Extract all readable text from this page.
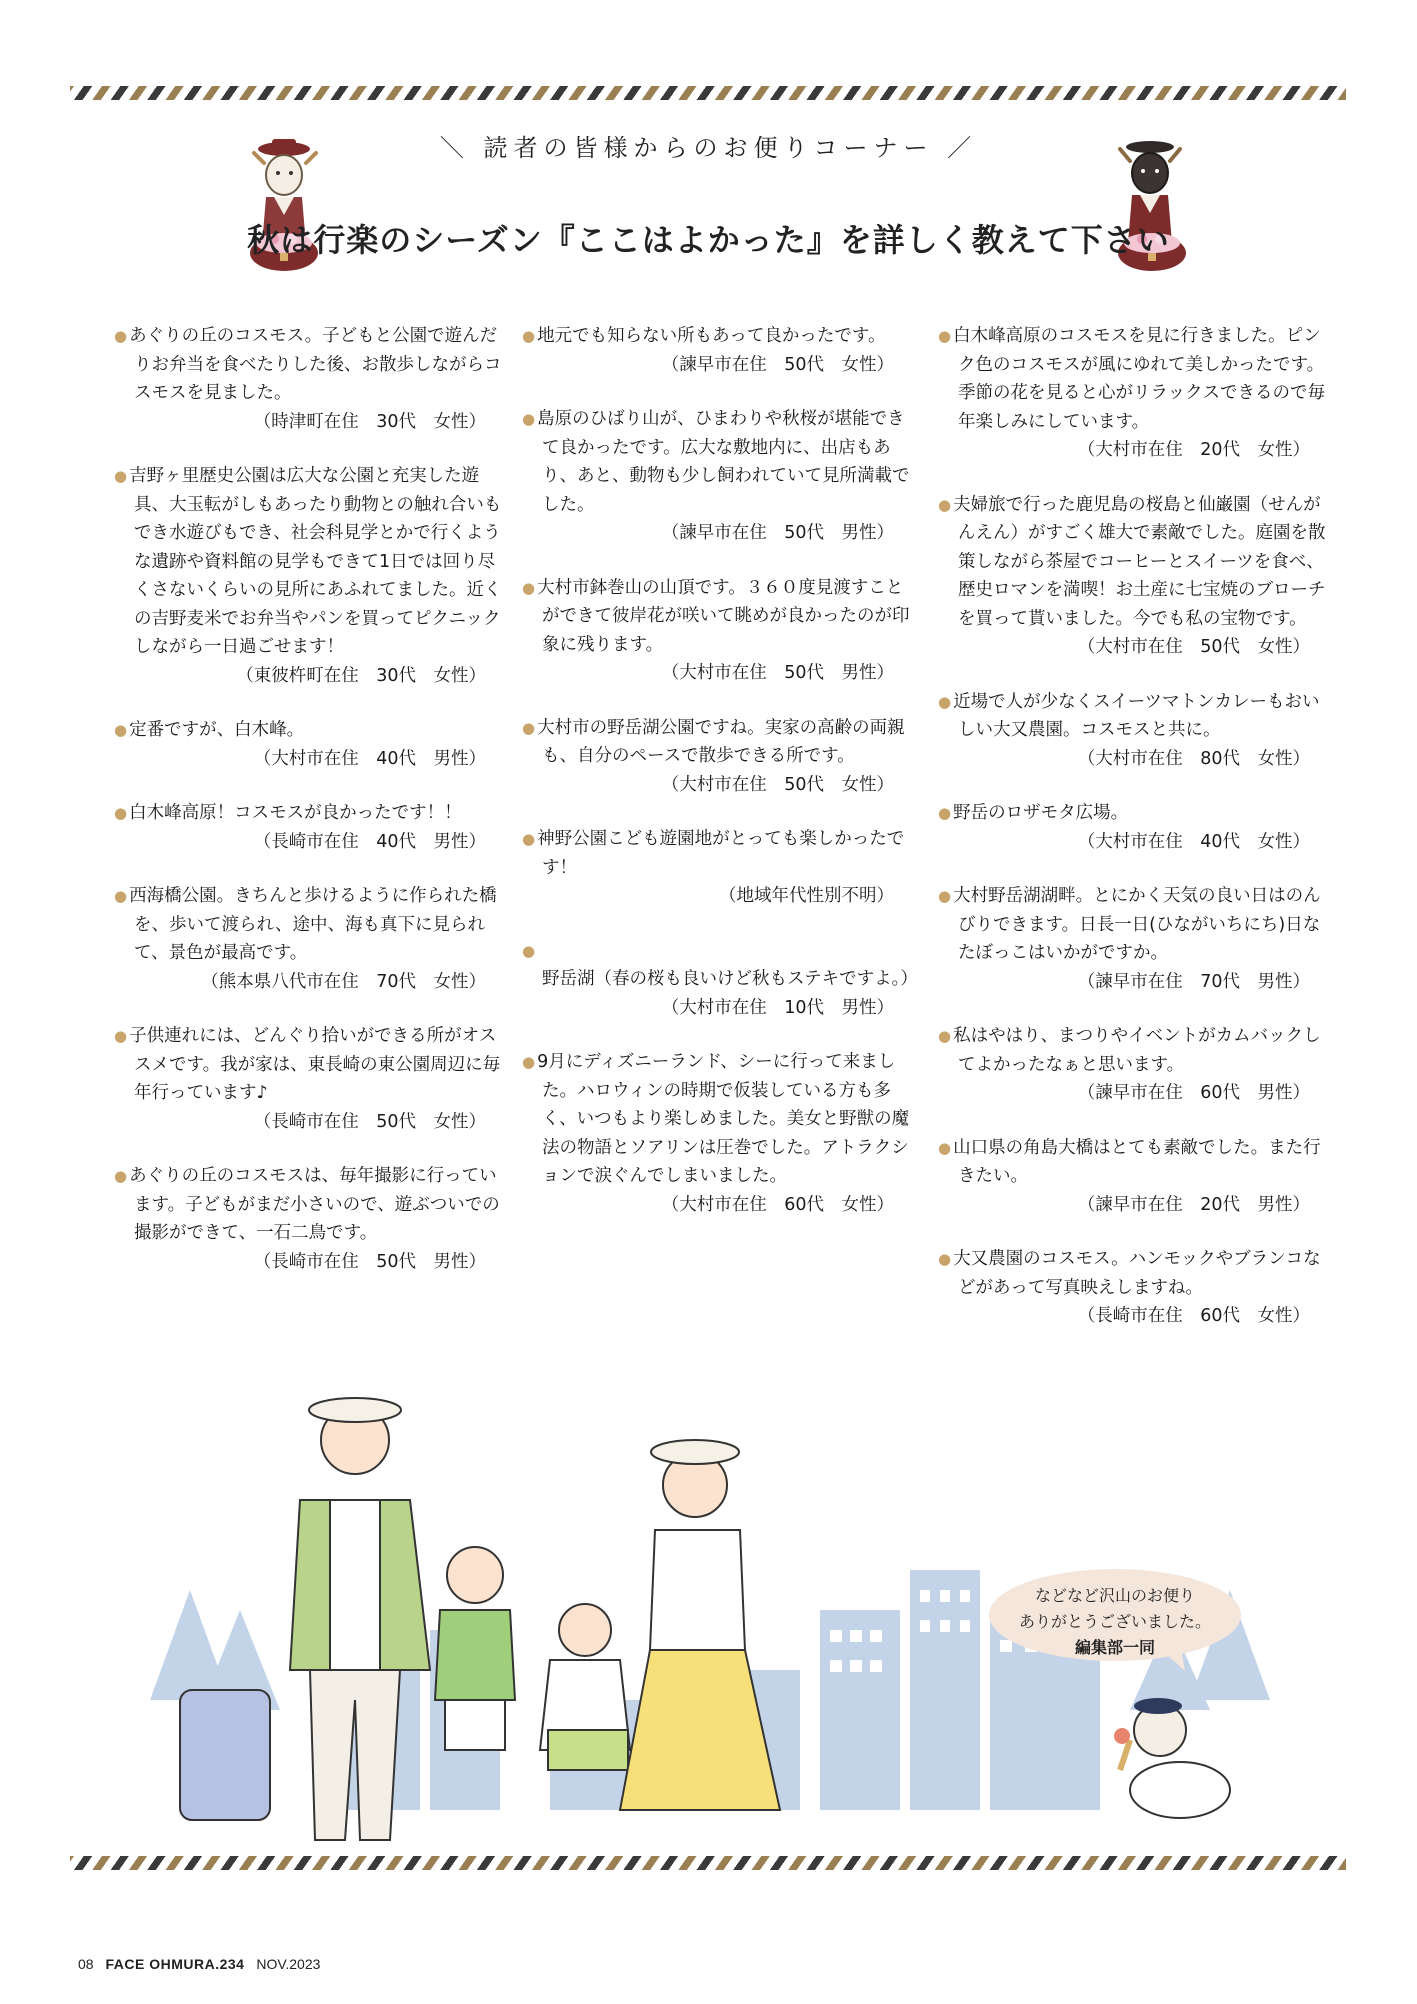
＼ 読者の皆様からのお便りコーナー ／
秋は行楽のシーズン『ここはよかった』を詳しく教えて下さい
● あぐりの丘のコスモス。子どもと公園で遊んだりお弁当を食べたりした後、お散歩しながらコスモスを見ました。
（時津町在住　30代　女性）
● 吉野ヶ里歴史公園は広大な公園と充実した遊具、大玉転がしもあったり動物との触れ合いもでき水遊びもでき、社会科見学とかで行くような遺跡や資料館の見学もできて1日では回り尽くさないくらいの見所にあふれてました。近くの吉野麦米でお弁当やパンを買ってピクニックしながら一日過ごせます！
（東彼杵町在住　30代　女性）
● 定番ですが、白木峰。
（大村市在住　40代　男性）
● 白木峰高原！コスモスが良かったです！！
（長崎市在住　40代　男性）
● 西海橋公園。きちんと歩けるように作られた橋を、歩いて渡られ、途中、海も真下に見られて、景色が最高です。
（熊本県八代市在住　70代　女性）
● 子供連れには、どんぐり拾いができる所がオススメです。我が家は、東長崎の東公園周辺に毎年行っています♪
（長崎市在住　50代　女性）
● あぐりの丘のコスモスは、毎年撮影に行っています。子どもがまだ小さいので、遊ぶついでの撮影ができて、一石二鳥です。
（長崎市在住　50代　男性）
● 地元でも知らない所もあって良かったです。
（諫早市在住　50代　女性）
● 島原のひばり山が、ひまわりや秋桜が堪能できて良かったです。広大な敷地内に、出店もあり、あと、動物も少し飼われていて見所満載でした。
（諫早市在住　50代　男性）
● 大村市鉢巻山の山頂です。３６０度見渡すことができて彼岸花が咲いて眺めが良かったのが印象に残ります。
（大村市在住　50代　男性）
● 大村市の野岳湖公園ですね。実家の高齢の両親も、自分のペースで散歩できる所です。
（大村市在住　50代　女性）
● 神野公園こども遊園地がとっても楽しかったです！
（地域年代性別不明）
● 野岳湖（春の桜も良いけど秋もステキですよ。）
（大村市在住　10代　男性）
● 9月にディズニーランド、シーに行って来ました。ハロウィンの時期で仮装している方も多く、いつもより楽しめました。美女と野獣の魔法の物語とソアリンは圧巻でした。アトラクションで涙ぐんでしまいました。
（大村市在住　60代　女性）
● 白木峰高原のコスモスを見に行きました。ピンク色のコスモスが風にゆれて美しかったです。季節の花を見ると心がリラックスできるので毎年楽しみにしています。
（大村市在住　20代　女性）
● 夫婦旅で行った鹿児島の桜島と仙巌園（せんがんえん）がすごく雄大で素敵でした。庭園を散策しながら茶屋でコーヒーとスイーツを食べ、歴史ロマンを満喫！お土産に七宝焼のブローチを買って貰いました。今でも私の宝物です。
（大村市在住　50代　女性）
● 近場で人が少なくスイーツマトンカレーもおいしい大又農園。コスモスと共に。
（大村市在住　80代　女性）
● 野岳のロザモタ広場。
（大村市在住　40代　女性）
● 大村野岳湖湖畔。とにかく天気の良い日はのんびりできます。日長一日(ひながいちにち)日なたぼっこはいかがですか。
（諫早市在住　70代　男性）
● 私はやはり、まつりやイベントがカムバックしてよかったなぁと思います。
（諫早市在住　60代　男性）
● 山口県の角島大橋はとても素敵でした。また行きたい。
（諫早市在住　20代　男性）
● 大又農園のコスモス。ハンモックやブランコなどがあって写真映えしますね。
（長崎市在住　60代　女性）
などなど沢山のお便り
ありがとうございました。
編集部一同
08 FACE OHMURA.234 NOV.2023
